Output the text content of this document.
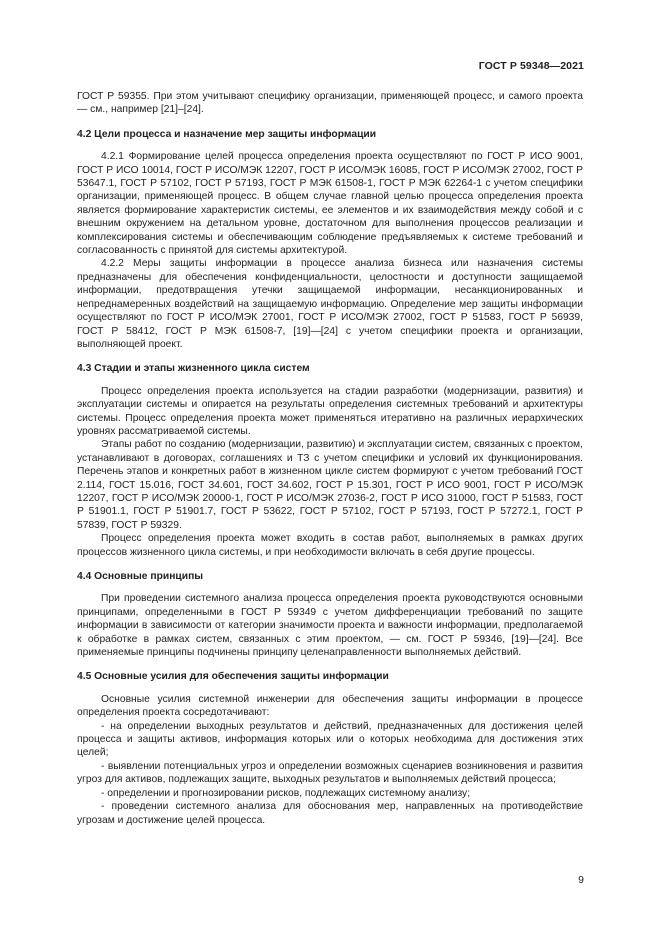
ГОСТ Р 59348—2021

ГОСТ Р 59355. При этом учитывают специфику организации, применяющей процесс, и самого проекта — см., например [21]–[24].

4.2 Цели процесса и назначение мер защиты информации

4.2.1 Формирование целей процесса определения проекта осуществляют по ГОСТ Р ИСО 9001, ГОСТ Р ИСО 10014, ГОСТ Р ИСО/МЭК 12207, ГОСТ Р ИСО/МЭК 16085, ГОСТ Р ИСО/МЭК 27002, ГОСТ Р 53647.1, ГОСТ Р 57102, ГОСТ Р 57193, ГОСТ Р МЭК 61508-1, ГОСТ Р МЭК 62264-1 с учетом специфики организации, применяющей процесс. В общем случае главной целью процесса определения проекта является формирование характеристик системы, ее элементов и их взаимодействия между собой и с внешним окружением на детальном уровне, достаточном для выполнения процессов реализации и комплексирования системы и обеспечивающим соблюдение предъявляемых к системе требований и согласованность с принятой для системы архитектурой.

4.2.2 Меры защиты информации в процессе анализа бизнеса или назначения системы предназначены для обеспечения конфиденциальности, целостности и доступности защищаемой информации, предотвращения утечки защищаемой информации, несанкционированных и непреднамеренных воздействий на защищаемую информацию. Определение мер защиты информации осуществляют по ГОСТ Р ИСО/МЭК 27001, ГОСТ Р ИСО/МЭК 27002, ГОСТ Р 51583, ГОСТ Р 56939, ГОСТ Р 58412, ГОСТ Р МЭК 61508-7, [19]—[24] с учетом специфики проекта и организации, выполняющей проект.

4.3 Стадии и этапы жизненного цикла систем

Процесс определения проекта используется на стадии разработки (модернизации, развития) и эксплуатации системы и опирается на результаты определения системных требований и архитектуры системы. Процесс определения проекта может применяться итеративно на различных иерархических уровнях рассматриваемой системы.

Этапы работ по созданию (модернизации, развитию) и эксплуатации систем, связанных с проектом, устанавливают в договорах, соглашениях и ТЗ с учетом специфики и условий их функционирования. Перечень этапов и конкретных работ в жизненном цикле систем формируют с учетом требований ГОСТ 2.114, ГОСТ 15.016, ГОСТ 34.601, ГОСТ 34.602, ГОСТ Р 15.301, ГОСТ Р ИСО 9001, ГОСТ Р ИСО/МЭК 12207, ГОСТ Р ИСО/МЭК 20000-1, ГОСТ Р ИСО/МЭК 27036-2, ГОСТ Р ИСО 31000, ГОСТ Р 51583, ГОСТ Р 51901.1, ГОСТ Р 51901.7, ГОСТ Р 53622, ГОСТ Р 57102, ГОСТ Р 57193, ГОСТ Р 57272.1, ГОСТ Р 57839, ГОСТ Р 59329.

Процесс определения проекта может входить в состав работ, выполняемых в рамках других процессов жизненного цикла системы, и при необходимости включать в себя другие процессы.

4.4 Основные принципы

При проведении системного анализа процесса определения проекта руководствуются основными принципами, определенными в ГОСТ Р 59349 с учетом дифференциации требований по защите информации в зависимости от категории значимости проекта и важности информации, предполагаемой к обработке в рамках систем, связанных с этим проектом, — см. ГОСТ Р 59346, [19]—[24]. Все применяемые принципы подчинены принципу целенаправленности выполняемых действий.

4.5 Основные усилия для обеспечения защиты информации

Основные усилия системной инженерии для обеспечения защиты информации в процессе определения проекта сосредотачивают:

- на определении выходных результатов и действий, предназначенных для достижения целей процесса и защиты активов, информация которых или о которых необходима для достижения этих целей;

- выявлении потенциальных угроз и определении возможных сценариев возникновения и развития угроз для активов, подлежащих защите, выходных результатов и выполняемых действий процесса;

- определении и прогнозировании рисков, подлежащих системному анализу;

- проведении системного анализа для обоснования мер, направленных на противодействие угрозам и достижение целей процесса.

9
